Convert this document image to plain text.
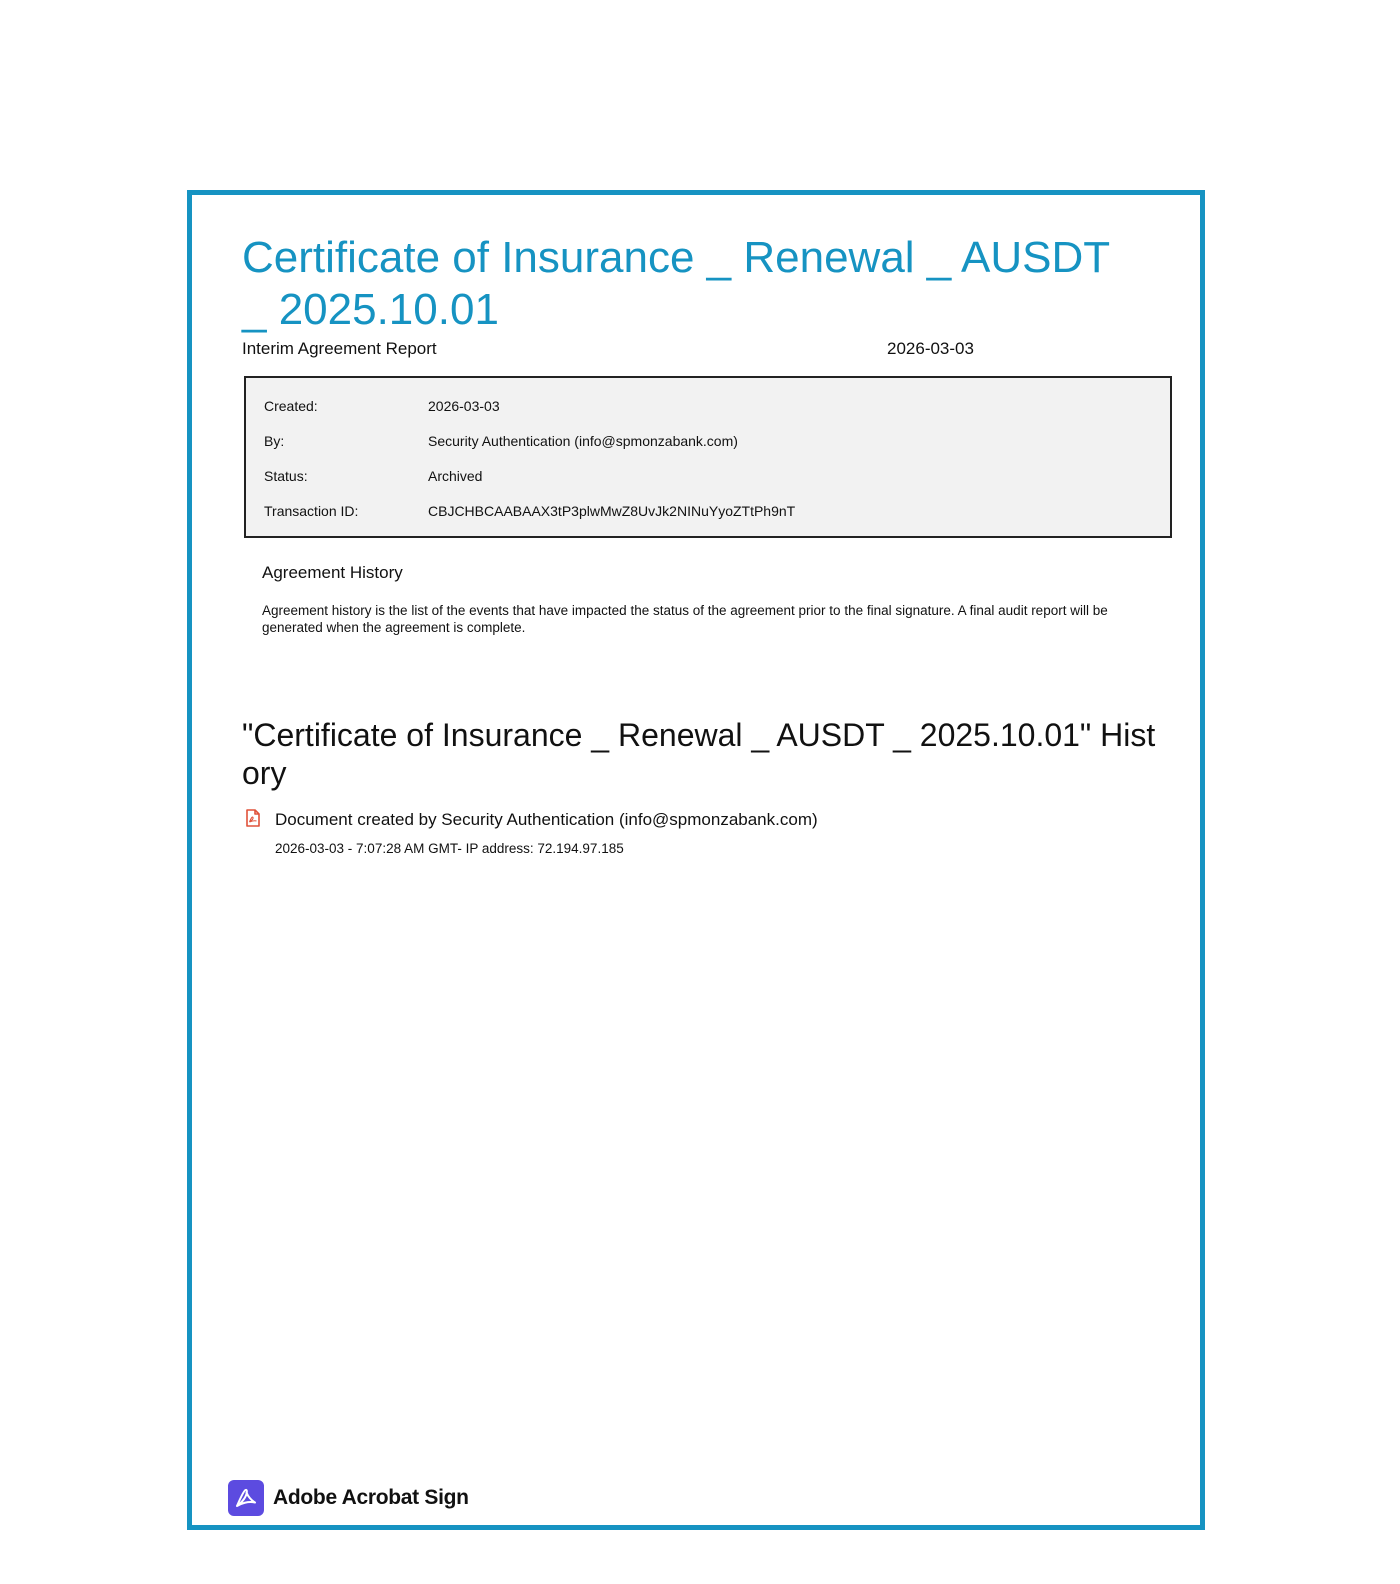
Certificate of Insurance _ Renewal _ AUSDT _ 2025.10.01
Interim Agreement Report	2026-03-03
Created:	2026-03-03
By:	Security Authentication (info@spmonzabank.com)
Status:	Archived
Transaction ID:	CBJCHBCAABAAX3tP3plwMwZ8UvJk2NINuYyoZTtPh9nT
Agreement History
Agreement history is the list of the events that have impacted the status of the agreement prior to the final signature. A final audit report will be generated when the agreement is complete.
"Certificate of Insurance _ Renewal _ AUSDT _ 2025.10.01" History
Document created by Security Authentication (info@spmonzabank.com)
2026-03-03 - 7:07:28 AM GMT- IP address: 72.194.97.185
Adobe Acrobat Sign
